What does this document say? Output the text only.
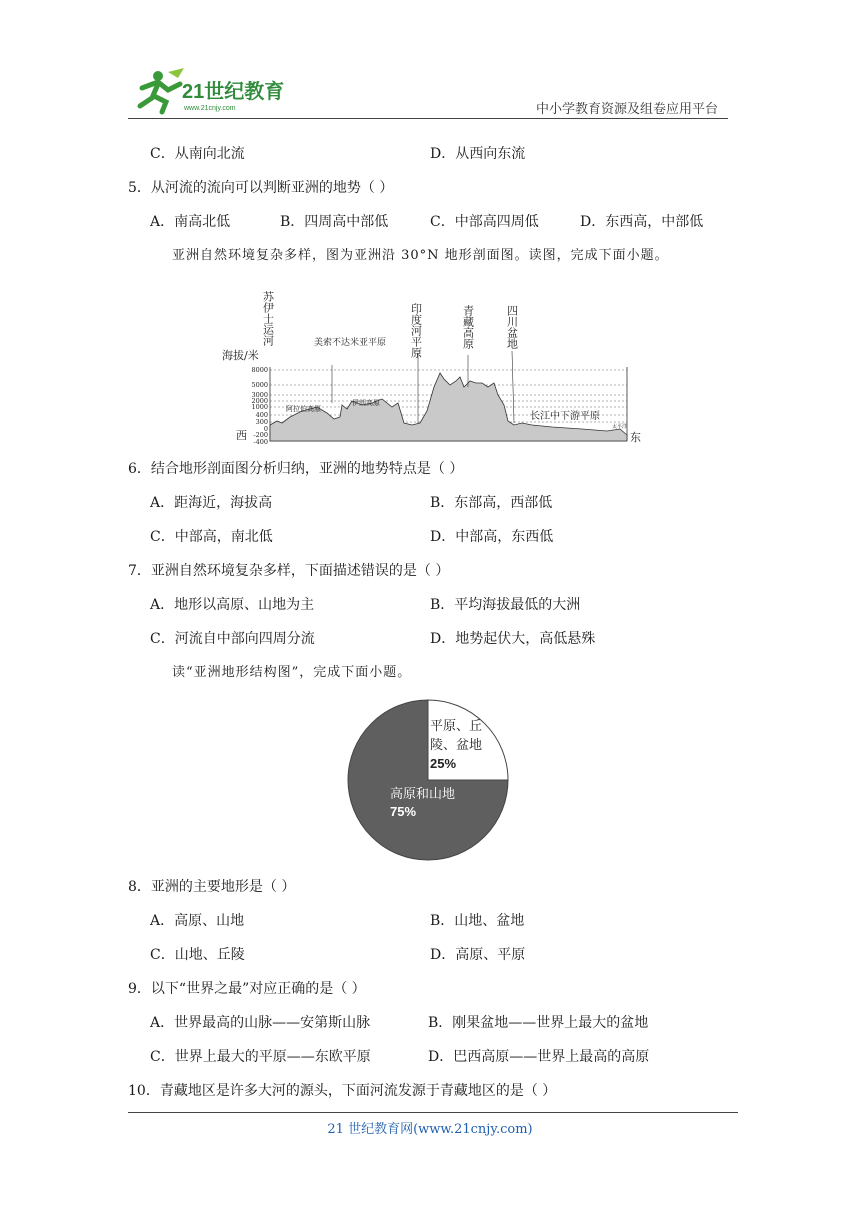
21世纪教育
www.21cnjy.com	中小学教育资源及组卷应用平台
C．从南向北流	D．从西向东流
5．从河流的流向可以判断亚洲的地势（ ）
A．南高北低	B．四周高中部低	C．中部高四周低	D．东西高，中部低
亚洲自然环境复杂多样，图为亚洲沿 30°N 地形剖面图。读图，完成下面小题。
8000
5000
3000
2000
1000
400
300
0
-200
-400
海拔/米
西	东
苏伊士运河	印度河平原	青藏高原	四川盆地
美索不达米亚平原
阿拉伯高原
伊朗高原
长江中下游平原
太平洋
6．结合地形剖面图分析归纳，亚洲的地势特点是（ ）
A．距海近，海拔高	B．东部高，西部低
C．中部高，南北低	D．中部高，东西低
7．亚洲自然环境复杂多样，下面描述错误的是（ ）
A．地形以高原、山地为主	B．平均海拔最低的大洲
C．河流自中部向四周分流	D．地势起伏大，高低悬殊
读“亚洲地形结构图”，完成下面小题。
平原、丘
陵、盆地
25%
高原和山地
75%
8．亚洲的主要地形是（ ）
A．高原、山地	B．山地、盆地
C．山地、丘陵	D．高原、平原
9．以下“世界之最”对应正确的是（ ）
A．世界最高的山脉——安第斯山脉	B．刚果盆地——世界上最大的盆地
C．世界上最大的平原——东欧平原	D．巴西高原——世界上最高的高原
10．青藏地区是许多大河的源头，下面河流发源于青藏地区的是（ ）
21 世纪教育网(www.21cnjy.com)
